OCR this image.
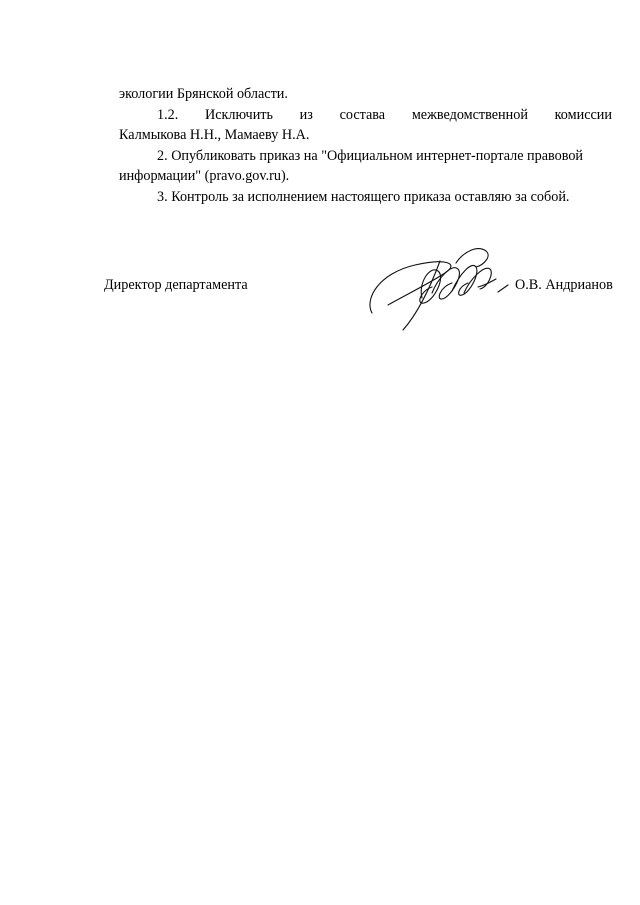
экологии Брянской области.
1.2. Исключить из состава межведомственной комиссии
Калмыкова Н.Н., Мамаеву Н.А.
2. Опубликовать приказ на "Официальном интернет-портале правовой
информации" (pravo.gov.ru).
3. Контроль за исполнением настоящего приказа оставляю за собой.
Директор департамента	О.В. Андрианов
